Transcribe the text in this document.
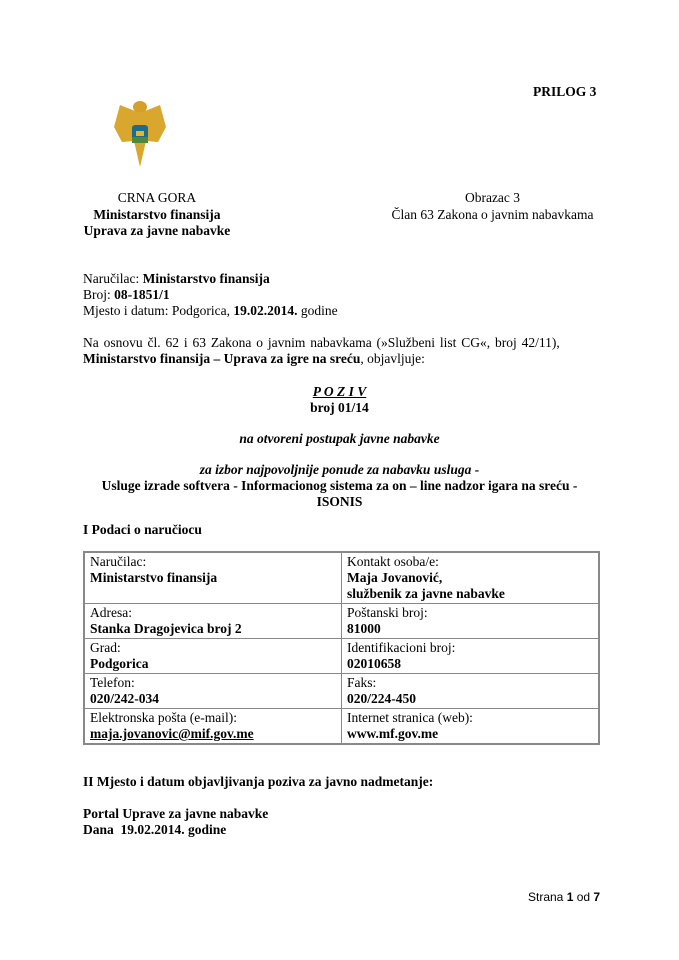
PRILOG 3
CRNA GORA
Ministarstvo finansija
Uprava za javne nabavke
Obrazac 3
Član 63 Zakona o javnim nabavkama
Naručilac: Ministarstvo finansija
Broj: 08-1851/1
Mjesto i datum: Podgorica, 19.02.2014. godine
Na osnovu čl. 62 i 63 Zakona o javnim nabavkama (»Službeni list CG«, broj 42/11),
Ministarstvo finansija – Uprava za igre na sreću, objavljuje:
P O Z I V
broj 01/14
na otvoreni postupak javne nabavke
za izbor najpovoljnije ponude za nabavku usluga -
Usluge izrade softvera - Informacionog sistema za on – line nadzor igara na sreću -
ISONIS
I Podaci o naručiocu
Naručilac:
Ministarstvo finansija	Kontakt osoba/e:
Maja Jovanović,
službenik za javne nabavke

Adresa:
Stanka Dragojevica broj 2	Poštanski broj:
81000

Grad:
Podgorica	Identifikacioni broj:
02010658

Telefon:
020/242-034	Faks:
020/224-450

Elektronska pošta (e-mail):
maja.jovanovic@mif.gov.me	Internet stranica (web):
www.mf.gov.me
II Mjesto i datum objavljivanja poziva za javno nadmetanje:
Portal Uprave za javne nabavke
Dana  19.02.2014. godine
Strana 1 od 7
